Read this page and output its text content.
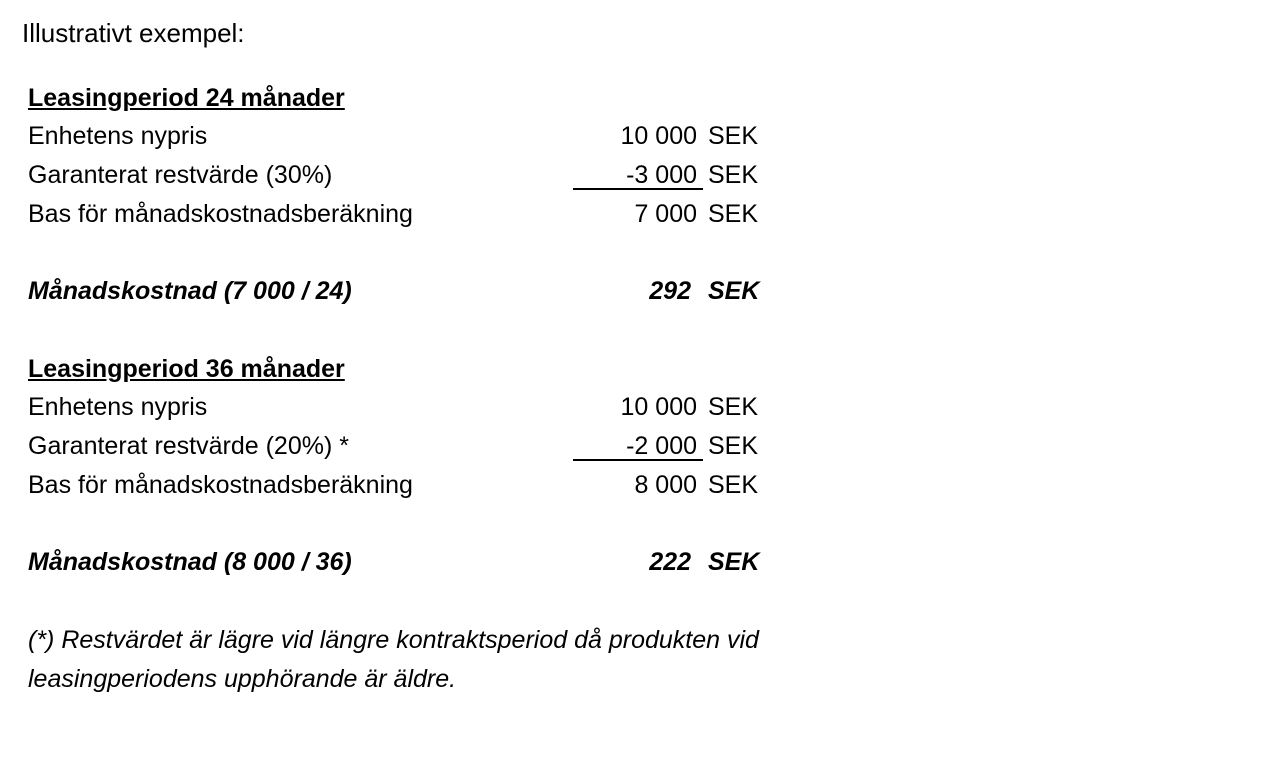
Illustrativt exempel:
Leasingperiod 24 månader
Enhetens nypris	10 000 SEK
Garanterat restvärde (30%)	-3 000 SEK
Bas för månadskostnadsberäkning	7 000 SEK
Månadskostnad (7 000 / 24)	292 SEK
Leasingperiod 36 månader
Enhetens nypris	10 000 SEK
Garanterat restvärde (20%) *	-2 000 SEK
Bas för månadskostnadsberäkning	8 000 SEK
Månadskostnad (8 000 / 36)	222 SEK
(*) Restvärdet är lägre vid längre kontraktsperiod då produkten vid
leasingperiodens upphörande är äldre.
